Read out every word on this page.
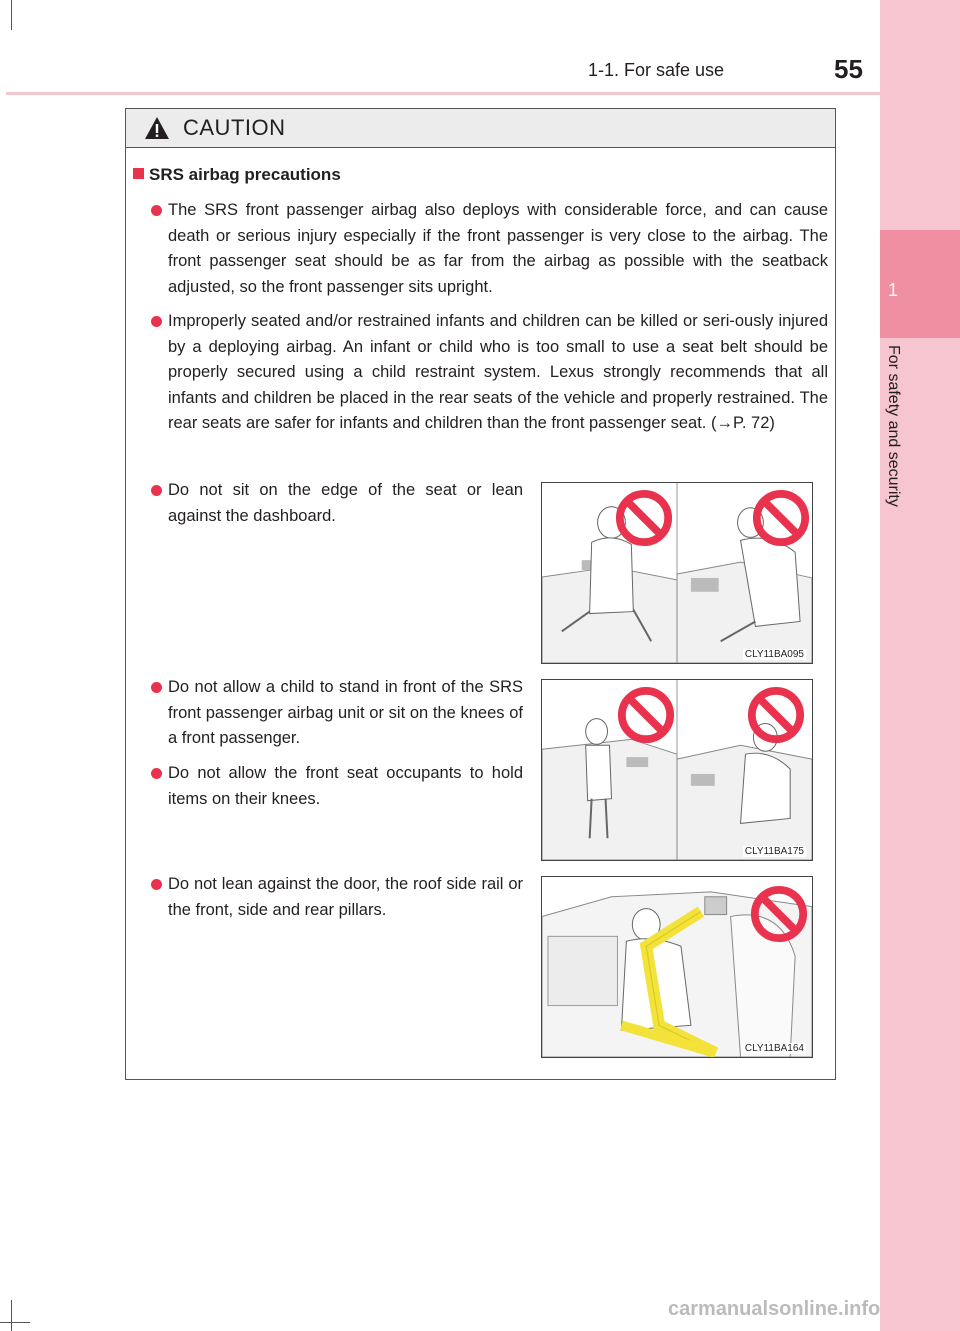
1
For safety and security
1-1. For safe use	55
CAUTION
SRS airbag precautions
The SRS front passenger airbag also deploys with considerable force, and can cause death or serious injury especially if the front passenger is very close to the airbag. The front passenger seat should be as far from the airbag as possible with the seatback adjusted, so the front passenger sits upright.
Improperly seated and/or restrained infants and children can be killed or seri-ously injured by a deploying airbag. An infant or child who is too small to use a seat belt should be properly secured using a child restraint system. Lexus strongly recommends that all infants and children be placed in the rear seats of the vehicle and properly restrained. The rear seats are safer for infants and children than the front passenger seat. (→P. 72)
Do not sit on the edge of the seat or lean against the dashboard.
Do not allow a child to stand in front of the SRS front passenger airbag unit or sit on the knees of a front passenger.
Do not allow the front seat occupants to hold items on their knees.
Do not lean against the door, the roof side rail or the front, side and rear pillars.
CLY11BA095
CLY11BA175
CLY11BA164
carmanualsonline.info
